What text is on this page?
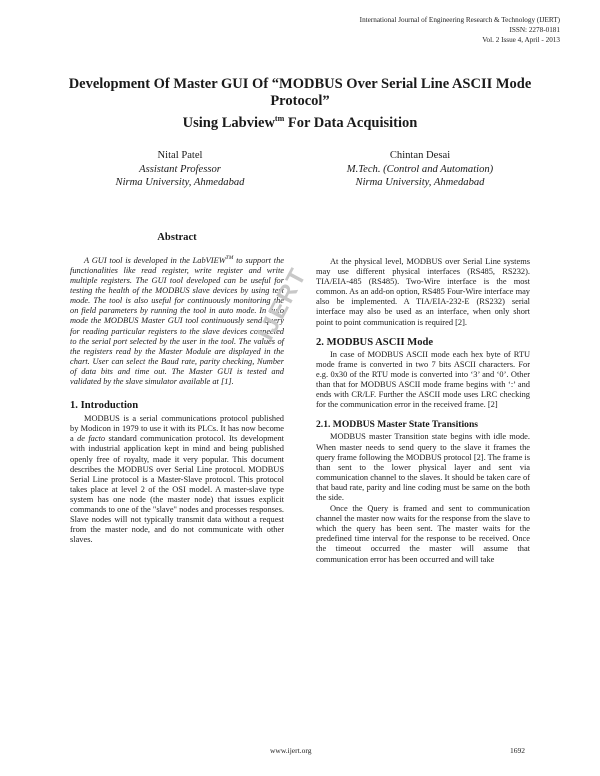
International Journal of Engineering Research & Technology (IJERT)
ISSN: 2278-0181
Vol. 2 Issue 4, April - 2013
Development Of Master GUI Of “MODBUS Over Serial Line ASCII Mode Protocol”
Using Labview$^{tm}$ For Data Acquisition
Nital Patel
Assistant Professor
Nirma University, Ahmedabad
Chintan Desai
M.Tech. (Control and Automation)
Nirma University, Ahmedabad
Abstract

A GUI tool is developed in the LabVIEW™ to support the functionalities like read register, write register and write multiple registers. The GUI tool developed can be useful for testing the health of the MODBUS slave devices by using test mode. The tool is also useful for continuously monitoring the on field parameters by running the tool in auto mode. In auto mode the MODBUS Master GUI tool continuously send query for reading particular registers to the slave devices connected to the serial port selected by the user in the tool. The values of the registers read by the Master Module are displayed in the chart. User can select the Baud rate, parity checking, Number of data bits and time out. The Master GUI is tested and validated by the slave simulator available at [1].

1. Introduction

MODBUS is a serial communications protocol published by Modicon in 1979 to use it with its PLCs. It has now become a de facto standard communication protocol. Its development with industrial application kept in mind and being published openly free of royalty, made it very popular. This document describes the MODBUS over Serial Line protocol. MODBUS Serial Line protocol is a Master-Slave protocol. This protocol takes place at level 2 of the OSI model. A master-slave type system has one node (the master node) that issues explicit commands to one of the "slave" nodes and processes responses. Slave nodes will not typically transmit data without a request from the master node, and do not communicate with other slaves.

At the physical level, MODBUS over Serial Line systems may use different physical interfaces (RS485, RS232). TIA/EIA-485 (RS485). Two-Wire interface is the most common. As an add-on option, RS485 Four-Wire interface may also be implemented. A TIA/EIA-232-E (RS232) serial interface may also be used as an interface, when only short point to point communication is required [2].

2. MODBUS ASCII Mode

In case of MODBUS ASCII mode each hex byte of RTU mode frame is converted in two 7 bits ASCII characters. For e.g. 0x30 of the RTU mode is converted into ‘3’ and ‘0’. Other than that for MODBUS ASCII mode frame begins with ‘:’ and ends with CR/LF. Further the ASCII mode uses LRC checking for the communication error in the received frame. [2]

2.1. MODBUS Master State Transitions

MODBUS master Transition state begins with idle mode. When master needs to send query to the slave it frames the query frame following the MODBUS protocol [2]. The frame is than sent to the lower physical layer and sent via communication channel to the slaves. It should be taken care of that baud rate, parity and line coding must be same on the both the side.

Once the Query is framed and sent to communication channel the master now waits for the response from the slave to which the query has been sent. The master waits for the predefined time interval for the response to be received. Once the timeout occurred the master will assume that communication error has been occurred and will take

IJERT
www.ijert.org	1692
